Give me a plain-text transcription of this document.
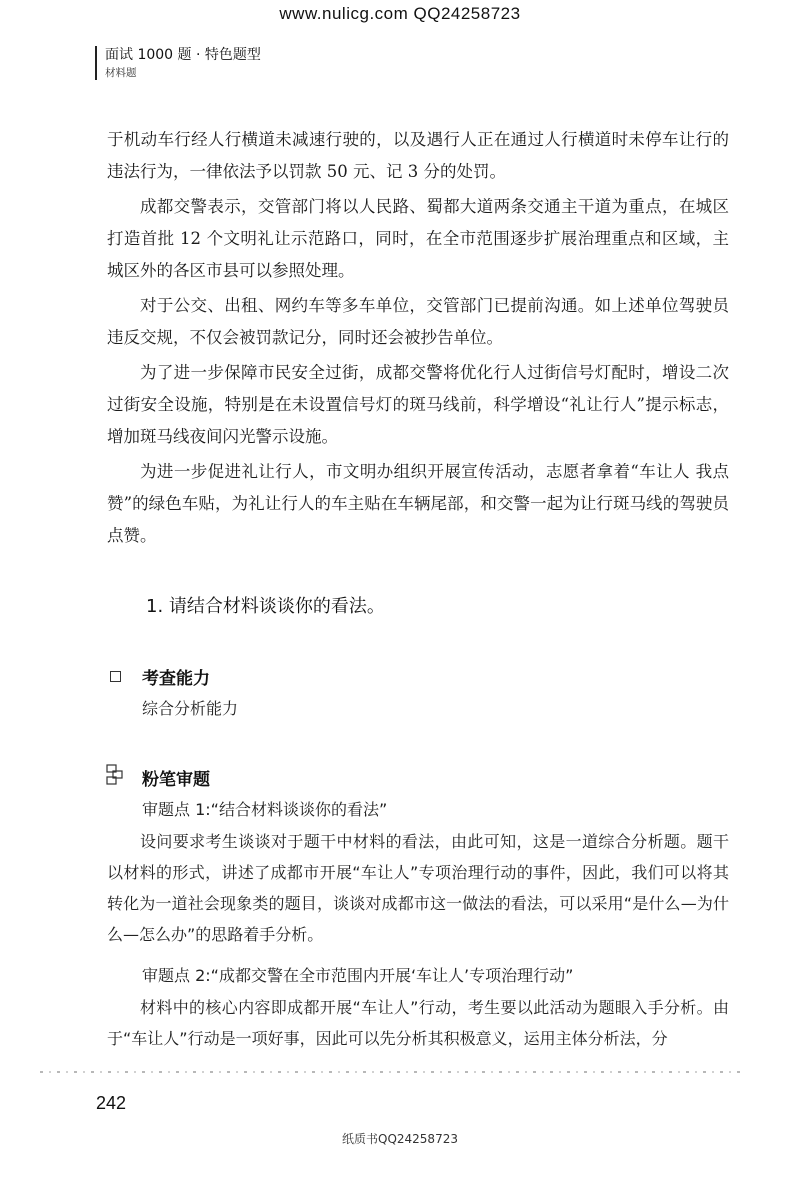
www.nulicg.com QQ24258723
面试 1000 题 · 特色题型
材料题

于机动车行经人行横道未减速行驶的，以及遇行人正在通过人行横道时未停车让行的违法行为，一律依法予以罚款 50 元、记 3 分的处罚。

成都交警表示，交管部门将以人民路、蜀都大道两条交通主干道为重点，在城区打造首批 12 个文明礼让示范路口，同时，在全市范围逐步扩展治理重点和区域，主城区外的各区市县可以参照处理。

对于公交、出租、网约车等多车单位，交管部门已提前沟通。如上述单位驾驶员违反交规，不仅会被罚款记分，同时还会被抄告单位。

为了进一步保障市民安全过街，成都交警将优化行人过街信号灯配时，增设二次过街安全设施，特别是在未设置信号灯的斑马线前，科学增设“礼让行人”提示标志，增加斑马线夜间闪光警示设施。

为进一步促进礼让行人，市文明办组织开展宣传活动，志愿者拿着“车让人 我点赞”的绿色车贴，为礼让行人的车主贴在车辆尾部，和交警一起为让行斑马线的驾驶员点赞。

1. 请结合材料谈谈你的看法。
考查能力
综合分析能力
粉笔审题
审题点 1:“结合材料谈谈你的看法”

设问要求考生谈谈对于题干中材料的看法，由此可知，这是一道综合分析题。题干以材料的形式，讲述了成都市开展“车让人”专项治理行动的事件，因此，我们可以将其转化为一道社会现象类的题目，谈谈对成都市这一做法的看法，可以采用“是什么—为什么—怎么办”的思路着手分析。

审题点 2:“成都交警在全市范围内开展‘车让人’专项治理行动”

材料中的核心内容即成都开展“车让人”行动，考生要以此活动为题眼入手分析。由于“车让人”行动是一项好事，因此可以先分析其积极意义，运用主体分析法，分

242
纸质书QQ24258723
